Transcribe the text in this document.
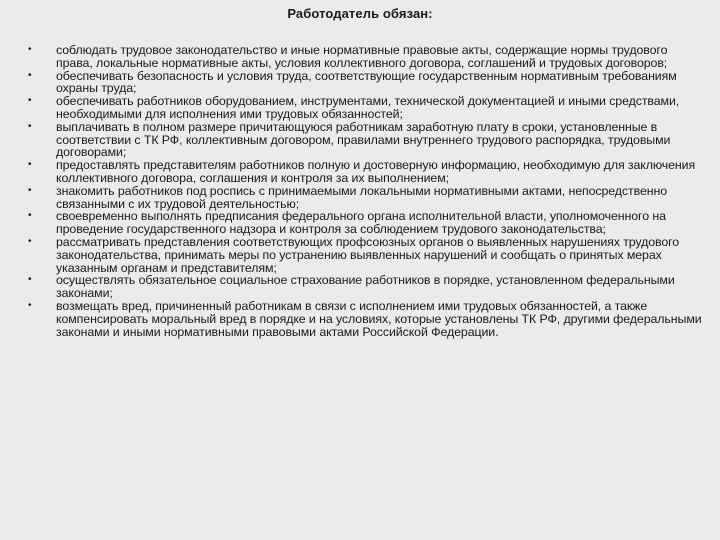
Работодатель обязан:
• соблюдать трудовое законодательство и иные нормативные правовые акты, содержащие нормы трудового права, локальные нормативные акты, условия коллективного договора, соглашений и трудовых договоров;
• обеспечивать безопасность и условия труда, соответствующие государственным нормативным требованиям охраны труда;
• обеспечивать работников оборудованием, инструментами, технической документацией и иными средствами, необходимыми для исполнения ими трудовых обязанностей;
• выплачивать в полном размере причитающуюся работникам заработную плату в сроки, установленные в соответствии с ТК РФ, коллективным договором, правилами внутреннего трудового распорядка, трудовыми договорами;
• предоставлять представителям работников полную и достоверную информацию, необходимую для заключения коллективного договора, соглашения и контроля за их выполнением;
• знакомить работников под роспись с принимаемыми локальными нормативными актами, непосредственно связанными с их трудовой деятельностью;
• своевременно выполнять предписания федерального органа исполнительной власти, уполномоченного на проведение государственного надзора и контроля за соблюдением трудового законодательства;
• рассматривать представления соответствующих профсоюзных органов о выявленных нарушениях трудового законодательства, принимать меры по устранению выявленных нарушений и сообщать о принятых мерах указанным органам и представителям;
• осуществлять обязательное социальное страхование работников в порядке, установленном федеральными законами;
• возмещать вред, причиненный работникам в связи с исполнением ими трудовых обязанностей, а также компенсировать моральный вред в порядке и на условиях, которые установлены ТК РФ, другими федеральными законами и иными нормативными правовыми актами Российской Федерации.
